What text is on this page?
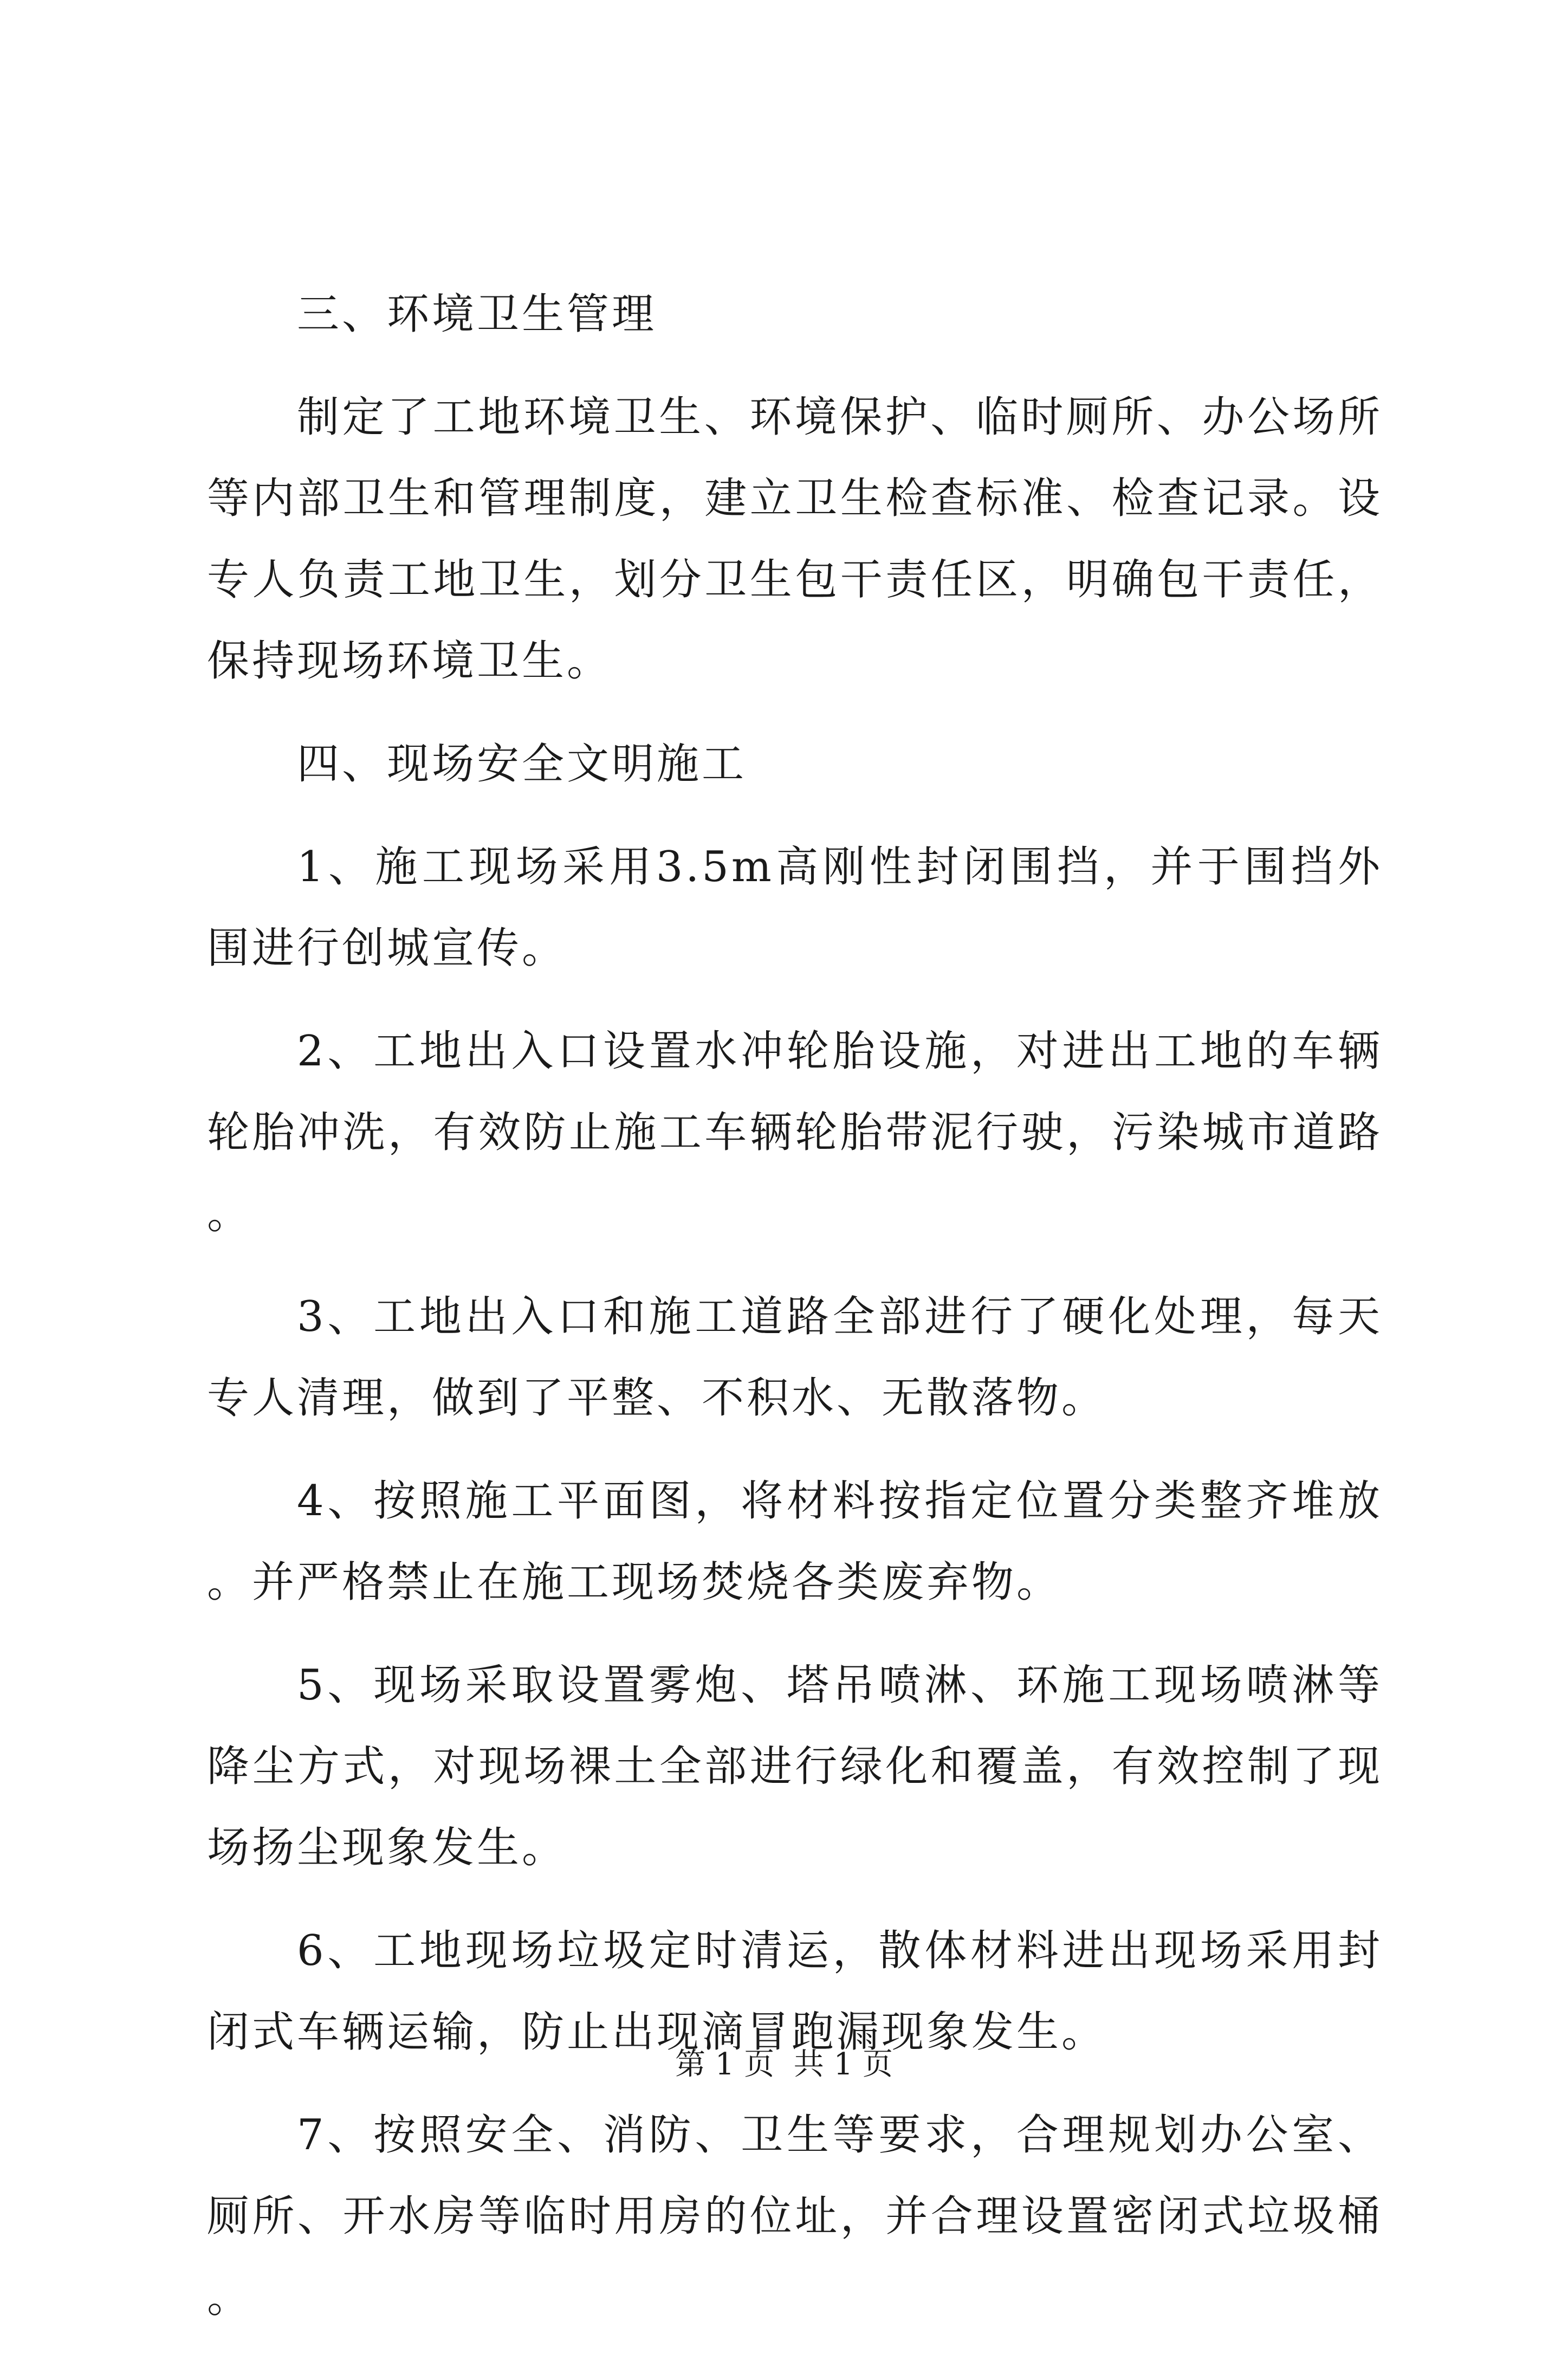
三、环境卫生管理

制定了工地环境卫生、环境保护、临时厕所、办公场所等内部卫生和管理制度，建立卫生检查标准、检查记录。设专人负责工地卫生，划分卫生包干责任区，明确包干责任，保持现场环境卫生。

四、现场安全文明施工

1、施工现场采用3.5m高刚性封闭围挡，并于围挡外围进行创城宣传。

2、工地出入口设置水冲轮胎设施，对进出工地的车辆轮胎冲洗，有效防止施工车辆轮胎带泥行驶，污染城市道路。

3、工地出入口和施工道路全部进行了硬化处理，每天专人清理，做到了平整、不积水、无散落物。

4、按照施工平面图，将材料按指定位置分类整齐堆放。并严格禁止在施工现场焚烧各类废弃物。

5、现场采取设置雾炮、塔吊喷淋、环施工现场喷淋等降尘方式，对现场裸土全部进行绿化和覆盖，有效控制了现场扬尘现象发生。

6、工地现场垃圾定时清运，散体材料进出现场采用封闭式车辆运输，防止出现滴冒跑漏现象发生。

7、按照安全、消防、卫生等要求，合理规划办公室、厕所、开水房等临时用房的位址，并合理设置密闭式垃圾桶。

第 1 页  共 1 页
